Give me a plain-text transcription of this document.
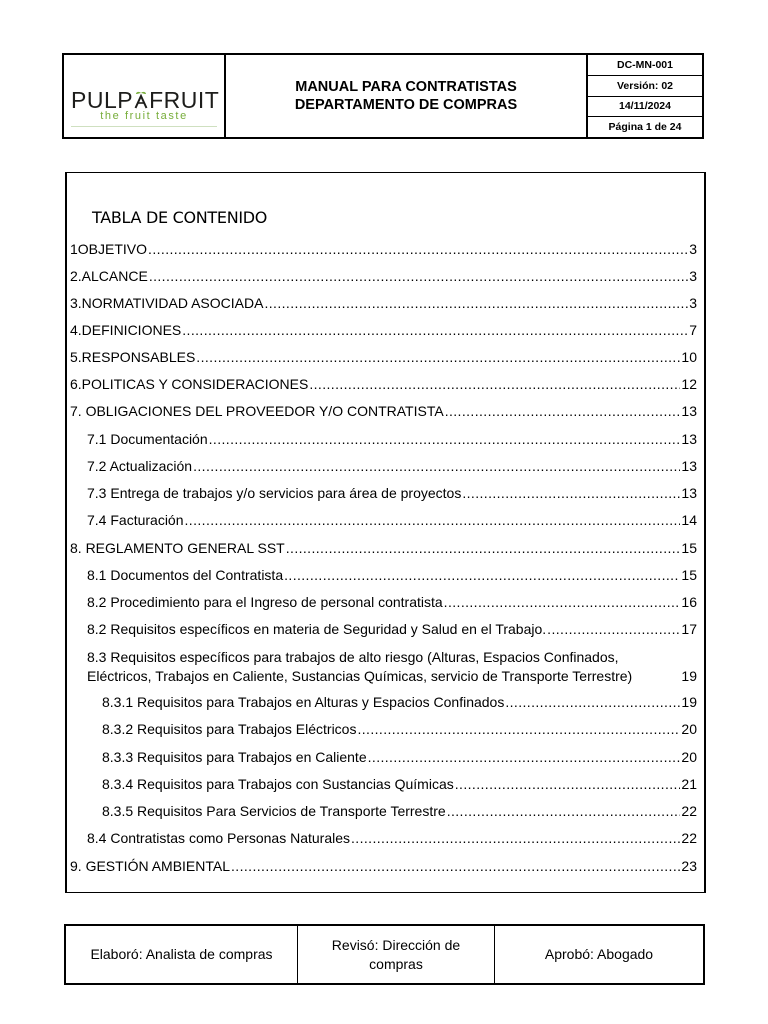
PULP FRUIT
the fruit taste
MANUAL PARA CONTRATISTAS
DEPARTAMENTO DE COMPRAS
DC-MN-001
Versión: 02
14/11/2024
Página 1 de 24
TABLA DE CONTENIDO
1OBJETIVO .....	3
2.ALCANCE .....	3
3.NORMATIVIDAD ASOCIADA .....	3
4.DEFINICIONES .....	7
5.RESPONSABLES .....	10
6.POLITICAS Y CONSIDERACIONES .....	12
7. OBLIGACIONES DEL PROVEEDOR Y/O CONTRATISTA .....	13
7.1 Documentación .....	13
7.2 Actualización .....	13
7.3 Entrega de trabajos y/o servicios para área de proyectos .....	13
7.4 Facturación .....	14
8. REGLAMENTO GENERAL SST .....	15
8.1 Documentos del Contratista .....	15
8.2 Procedimiento para el Ingreso de personal contratista .....	16
8.2 Requisitos específicos en materia de Seguridad y Salud en el Trabajo. .....	17
8.3 Requisitos específicos para trabajos de alto riesgo (Alturas, Espacios Confinados,
Eléctricos, Trabajos en Caliente, Sustancias Químicas, servicio de Transporte Terrestre)	19
8.3.1 Requisitos para Trabajos en Alturas y Espacios Confinados .....	19
8.3.2 Requisitos para Trabajos Eléctricos .....	20
8.3.3 Requisitos para Trabajos en Caliente .....	20
8.3.4 Requisitos para Trabajos con Sustancias Químicas .....	21
8.3.5 Requisitos Para Servicios de Transporte Terrestre .....	22
8.4 Contratistas como Personas Naturales .....	22
9. GESTIÓN AMBIENTAL .....	23
Elaboró: Analista de compras
Revisó: Dirección de
compras
Aprobó: Abogado
